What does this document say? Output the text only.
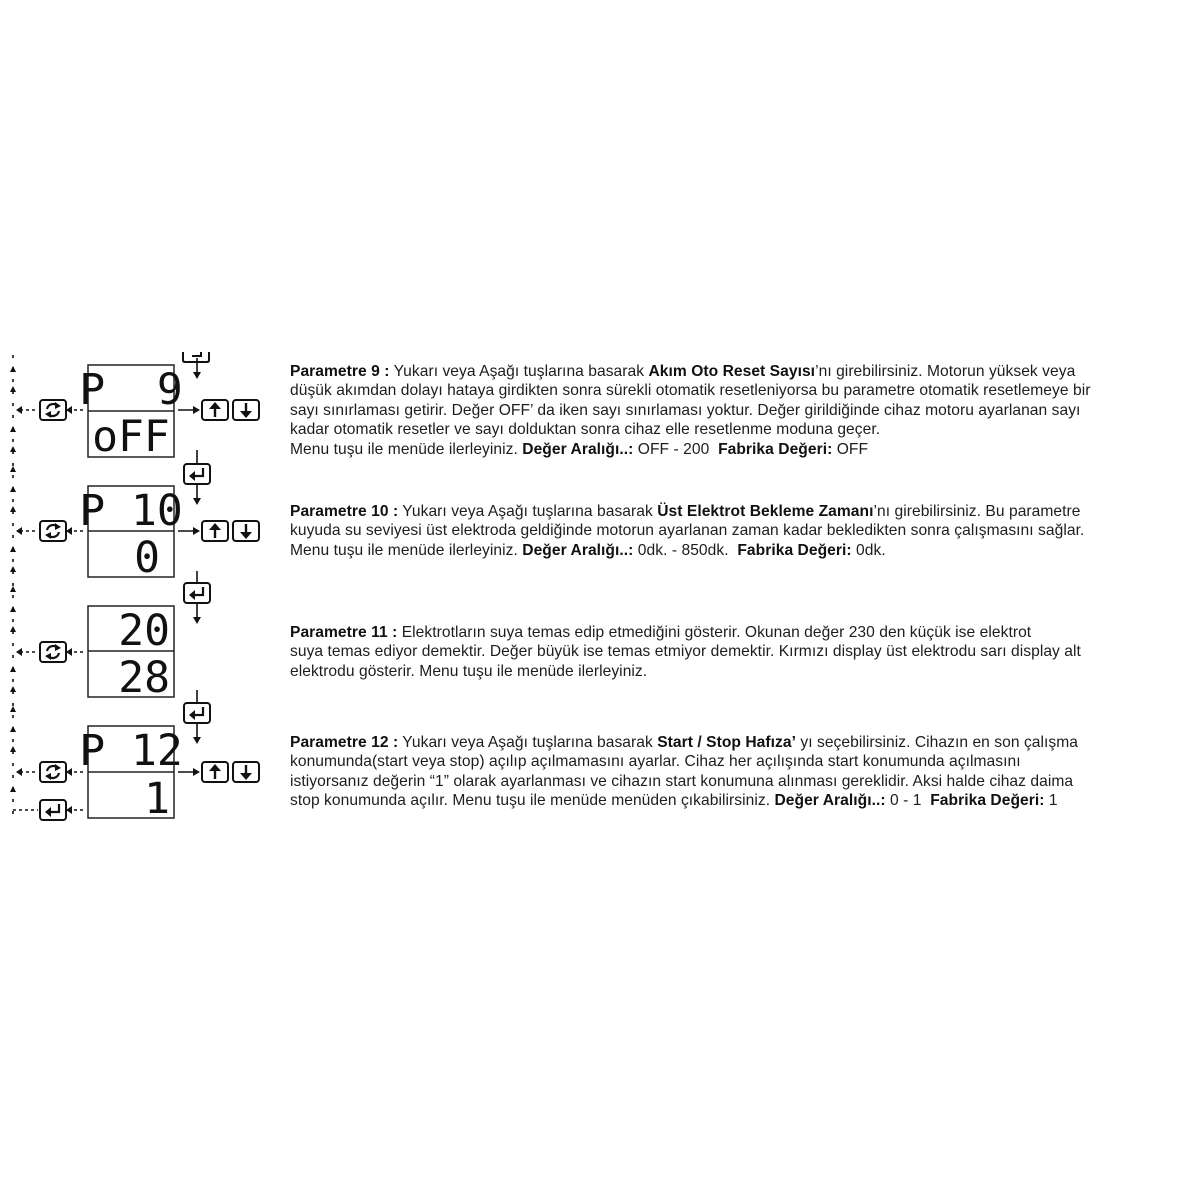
P  9
oFF
P 10
0
20
28
P 12
1
Parametre 9 : Yukarı veya Aşağı tuşlarına basarak Akım Oto Reset Sayısı’nı girebilirsiniz. Motorun yüksek veya
düşük akımdan dolayı hataya girdikten sonra sürekli otomatik resetleniyorsa bu parametre otomatik resetlemeye bir
sayı sınırlaması getirir. Değer OFF’ da iken sayı sınırlaması yoktur. Değer girildiğinde cihaz motoru ayarlanan sayı
kadar otomatik resetler ve sayı dolduktan sonra cihaz elle resetlenme moduna geçer.
Menu tuşu ile menüde ilerleyiniz. Değer Aralığı..: OFF - 200  Fabrika Değeri: OFF
Parametre 10 : Yukarı veya Aşağı tuşlarına basarak Üst Elektrot Bekleme Zamanı’nı girebilirsiniz. Bu parametre
kuyuda su seviyesi üst elektroda geldiğinde motorun ayarlanan zaman kadar bekledikten sonra çalışmasını sağlar.
Menu tuşu ile menüde ilerleyiniz. Değer Aralığı..: 0dk. - 850dk.  Fabrika Değeri: 0dk.
Parametre 11 : Elektrotların suya temas edip etmediğini gösterir. Okunan değer 230 den küçük ise elektrot
suya temas ediyor demektir. Değer büyük ise temas etmiyor demektir. Kırmızı display üst elektrodu sarı display alt
elektrodu gösterir. Menu tuşu ile menüde ilerleyiniz.
Parametre 12 : Yukarı veya Aşağı tuşlarına basarak Start / Stop Hafıza’ yı seçebilirsiniz. Cihazın en son çalışma
konumunda(start veya stop) açılıp açılmamasını ayarlar. Cihaz her açılışında start konumunda açılmasını
istiyorsanız değerin “1” olarak ayarlanması ve cihazın start konumuna alınması gereklidir. Aksi halde cihaz daima
stop konumunda açılır. Menu tuşu ile menüde menüden çıkabilirsiniz. Değer Aralığı..: 0 - 1  Fabrika Değeri: 1
